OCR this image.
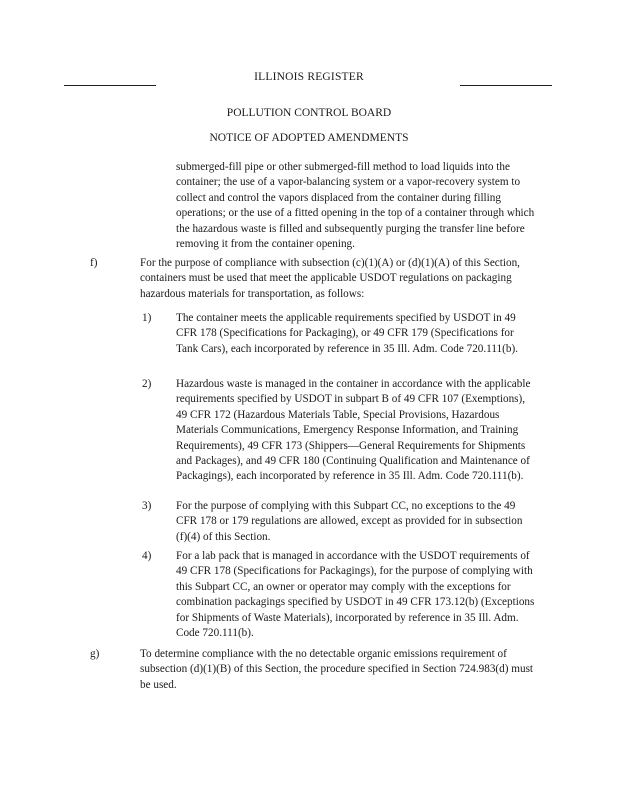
ILLINOIS REGISTER
POLLUTION CONTROL BOARD
NOTICE OF ADOPTED AMENDMENTS
submerged-fill pipe or other submerged-fill method to load liquids into the container; the use of a vapor-balancing system or a vapor-recovery system to collect and control the vapors displaced from the container during filling operations; or the use of a fitted opening in the top of a container through which the hazardous waste is filled and subsequently purging the transfer line before removing it from the container opening.
f)	For the purpose of compliance with subsection (c)(1)(A) or (d)(1)(A) of this Section, containers must be used that meet the applicable USDOT regulations on packaging hazardous materials for transportation, as follows:
1) The container meets the applicable requirements specified by USDOT in 49 CFR 178 (Specifications for Packaging), or 49 CFR 179 (Specifications for Tank Cars), each incorporated by reference in 35 Ill. Adm. Code 720.111(b).
2) Hazardous waste is managed in the container in accordance with the applicable requirements specified by USDOT in subpart B of 49 CFR 107 (Exemptions), 49 CFR 172 (Hazardous Materials Table, Special Provisions, Hazardous Materials Communications, Emergency Response Information, and Training Requirements), 49 CFR 173 (Shippers—General Requirements for Shipments and Packages), and 49 CFR 180 (Continuing Qualification and Maintenance of Packagings), each incorporated by reference in 35 Ill. Adm. Code 720.111(b).
3) For the purpose of complying with this Subpart CC, no exceptions to the 49 CFR 178 or 179 regulations are allowed, except as provided for in subsection (f)(4) of this Section.
4) For a lab pack that is managed in accordance with the USDOT requirements of 49 CFR 178 (Specifications for Packagings), for the purpose of complying with this Subpart CC, an owner or operator may comply with the exceptions for combination packagings specified by USDOT in 49 CFR 173.12(b) (Exceptions for Shipments of Waste Materials), incorporated by reference in 35 Ill. Adm. Code 720.111(b).
g)	To determine compliance with the no detectable organic emissions requirement of subsection (d)(1)(B) of this Section, the procedure specified in Section 724.983(d) must be used.
